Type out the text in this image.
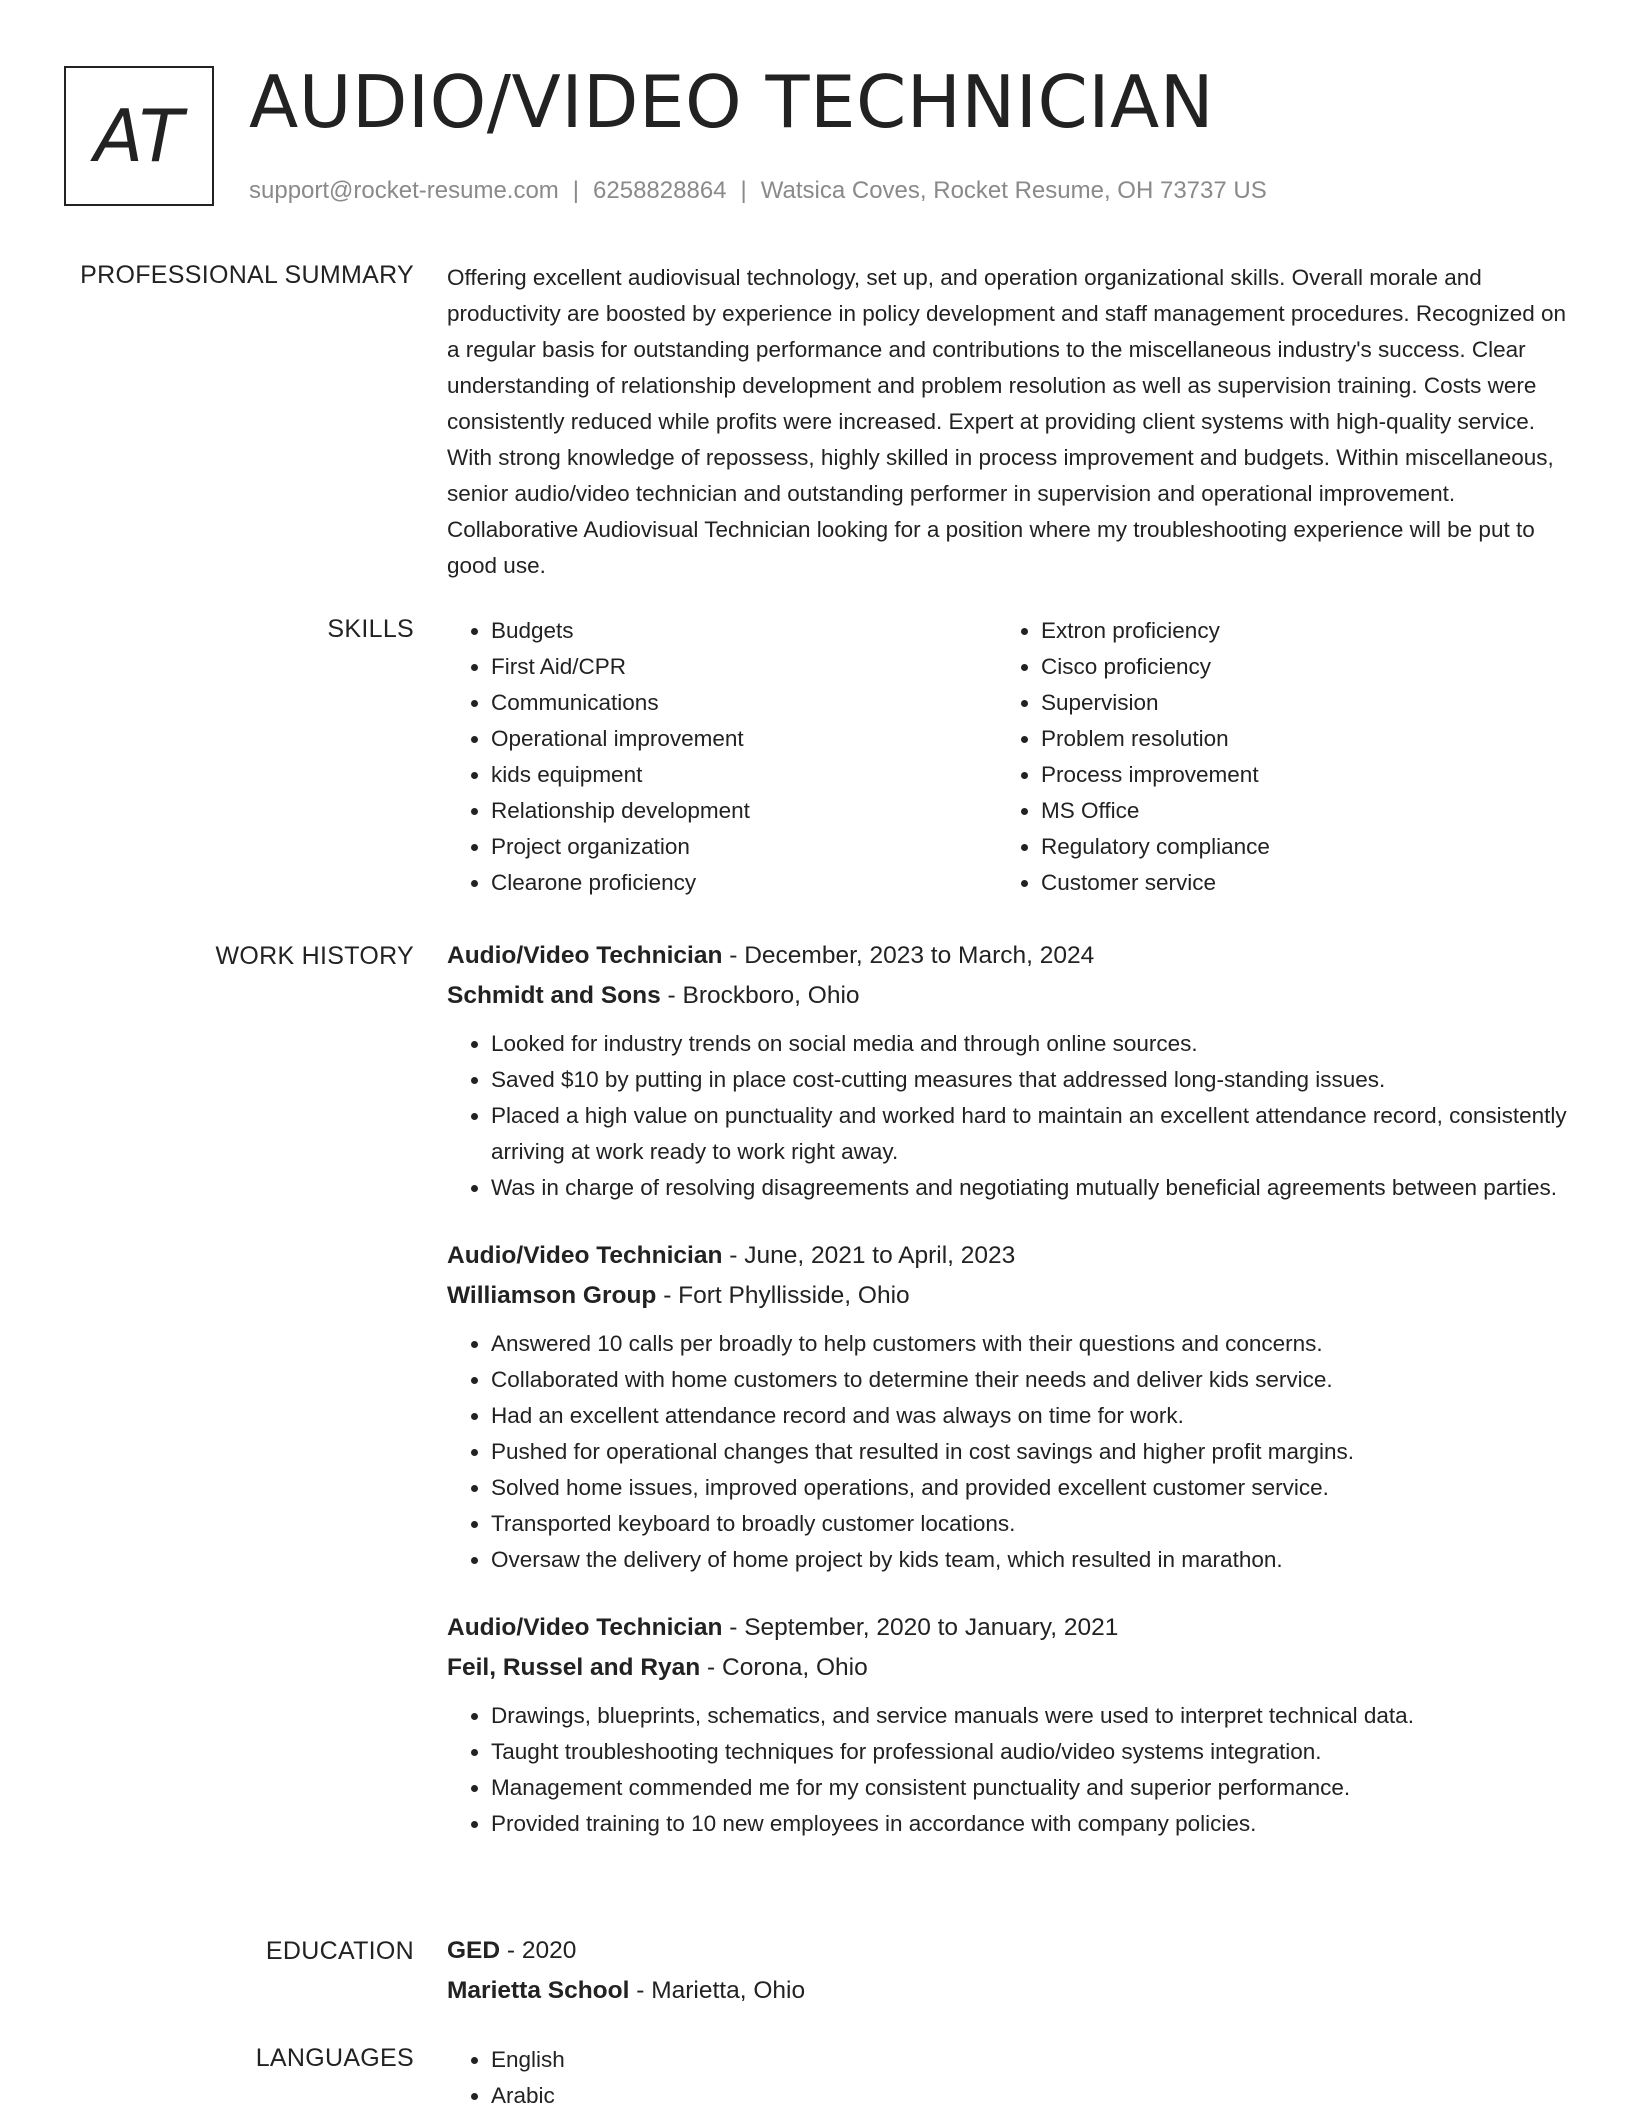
AT AUDIO/VIDEO TECHNICIAN
support@rocket-resume.com | 6258828864 | Watsica Coves, Rocket Resume, OH 73737 US
PROFESSIONAL SUMMARY Offering excellent audiovisual technology, set up, and operation organizational skills. Overall morale and productivity are boosted by experience in policy development and staff management procedures. Recognized on a regular basis for outstanding performance and contributions to the miscellaneous industry's success. Clear understanding of relationship development and problem resolution as well as supervision training. Costs were consistently reduced while profits were increased. Expert at providing client systems with high-quality service. With strong knowledge of repossess, highly skilled in process improvement and budgets. Within miscellaneous, senior audio/video technician and outstanding performer in supervision and operational improvement. Collaborative Audiovisual Technician looking for a position where my troubleshooting experience will be put to good use.

SKILLS	• Budgets
• First Aid/CPR
• Communications
• Operational improvement
• kids equipment
• Relationship development
• Project organization
• Clearone proficiency
• Extron proficiency
• Cisco proficiency
• Supervision
• Problem resolution
• Process improvement
• MS Office
• Regulatory compliance
• Customer service
WORK HISTORY Audio/Video Technician - December, 2023 to March, 2024
Schmidt and Sons - Brockboro, Ohio
• Looked for industry trends on social media and through online sources.
• Saved $10 by putting in place cost-cutting measures that addressed long-standing issues.
• Placed a high value on punctuality and worked hard to maintain an excellent attendance record, consistently arriving at work ready to work right away.
• Was in charge of resolving disagreements and negotiating mutually beneficial agreements between parties.
Audio/Video Technician - June, 2021 to April, 2023
Williamson Group - Fort Phyllisside, Ohio
• Answered 10 calls per broadly to help customers with their questions and concerns.
• Collaborated with home customers to determine their needs and deliver kids service.
• Had an excellent attendance record and was always on time for work.
• Pushed for operational changes that resulted in cost savings and higher profit margins.
• Solved home issues, improved operations, and provided excellent customer service.
• Transported keyboard to broadly customer locations.
• Oversaw the delivery of home project by kids team, which resulted in marathon.
Audio/Video Technician - September, 2020 to January, 2021
Feil, Russel and Ryan - Corona, Ohio
• Drawings, blueprints, schematics, and service manuals were used to interpret technical data.
• Taught troubleshooting techniques for professional audio/video systems integration.
• Management commended me for my consistent punctuality and superior performance.
• Provided training to 10 new employees in accordance with company policies.
EDUCATION GED - 2020
Marietta School - Marietta, Ohio
LANGUAGES	• English
• Arabic
